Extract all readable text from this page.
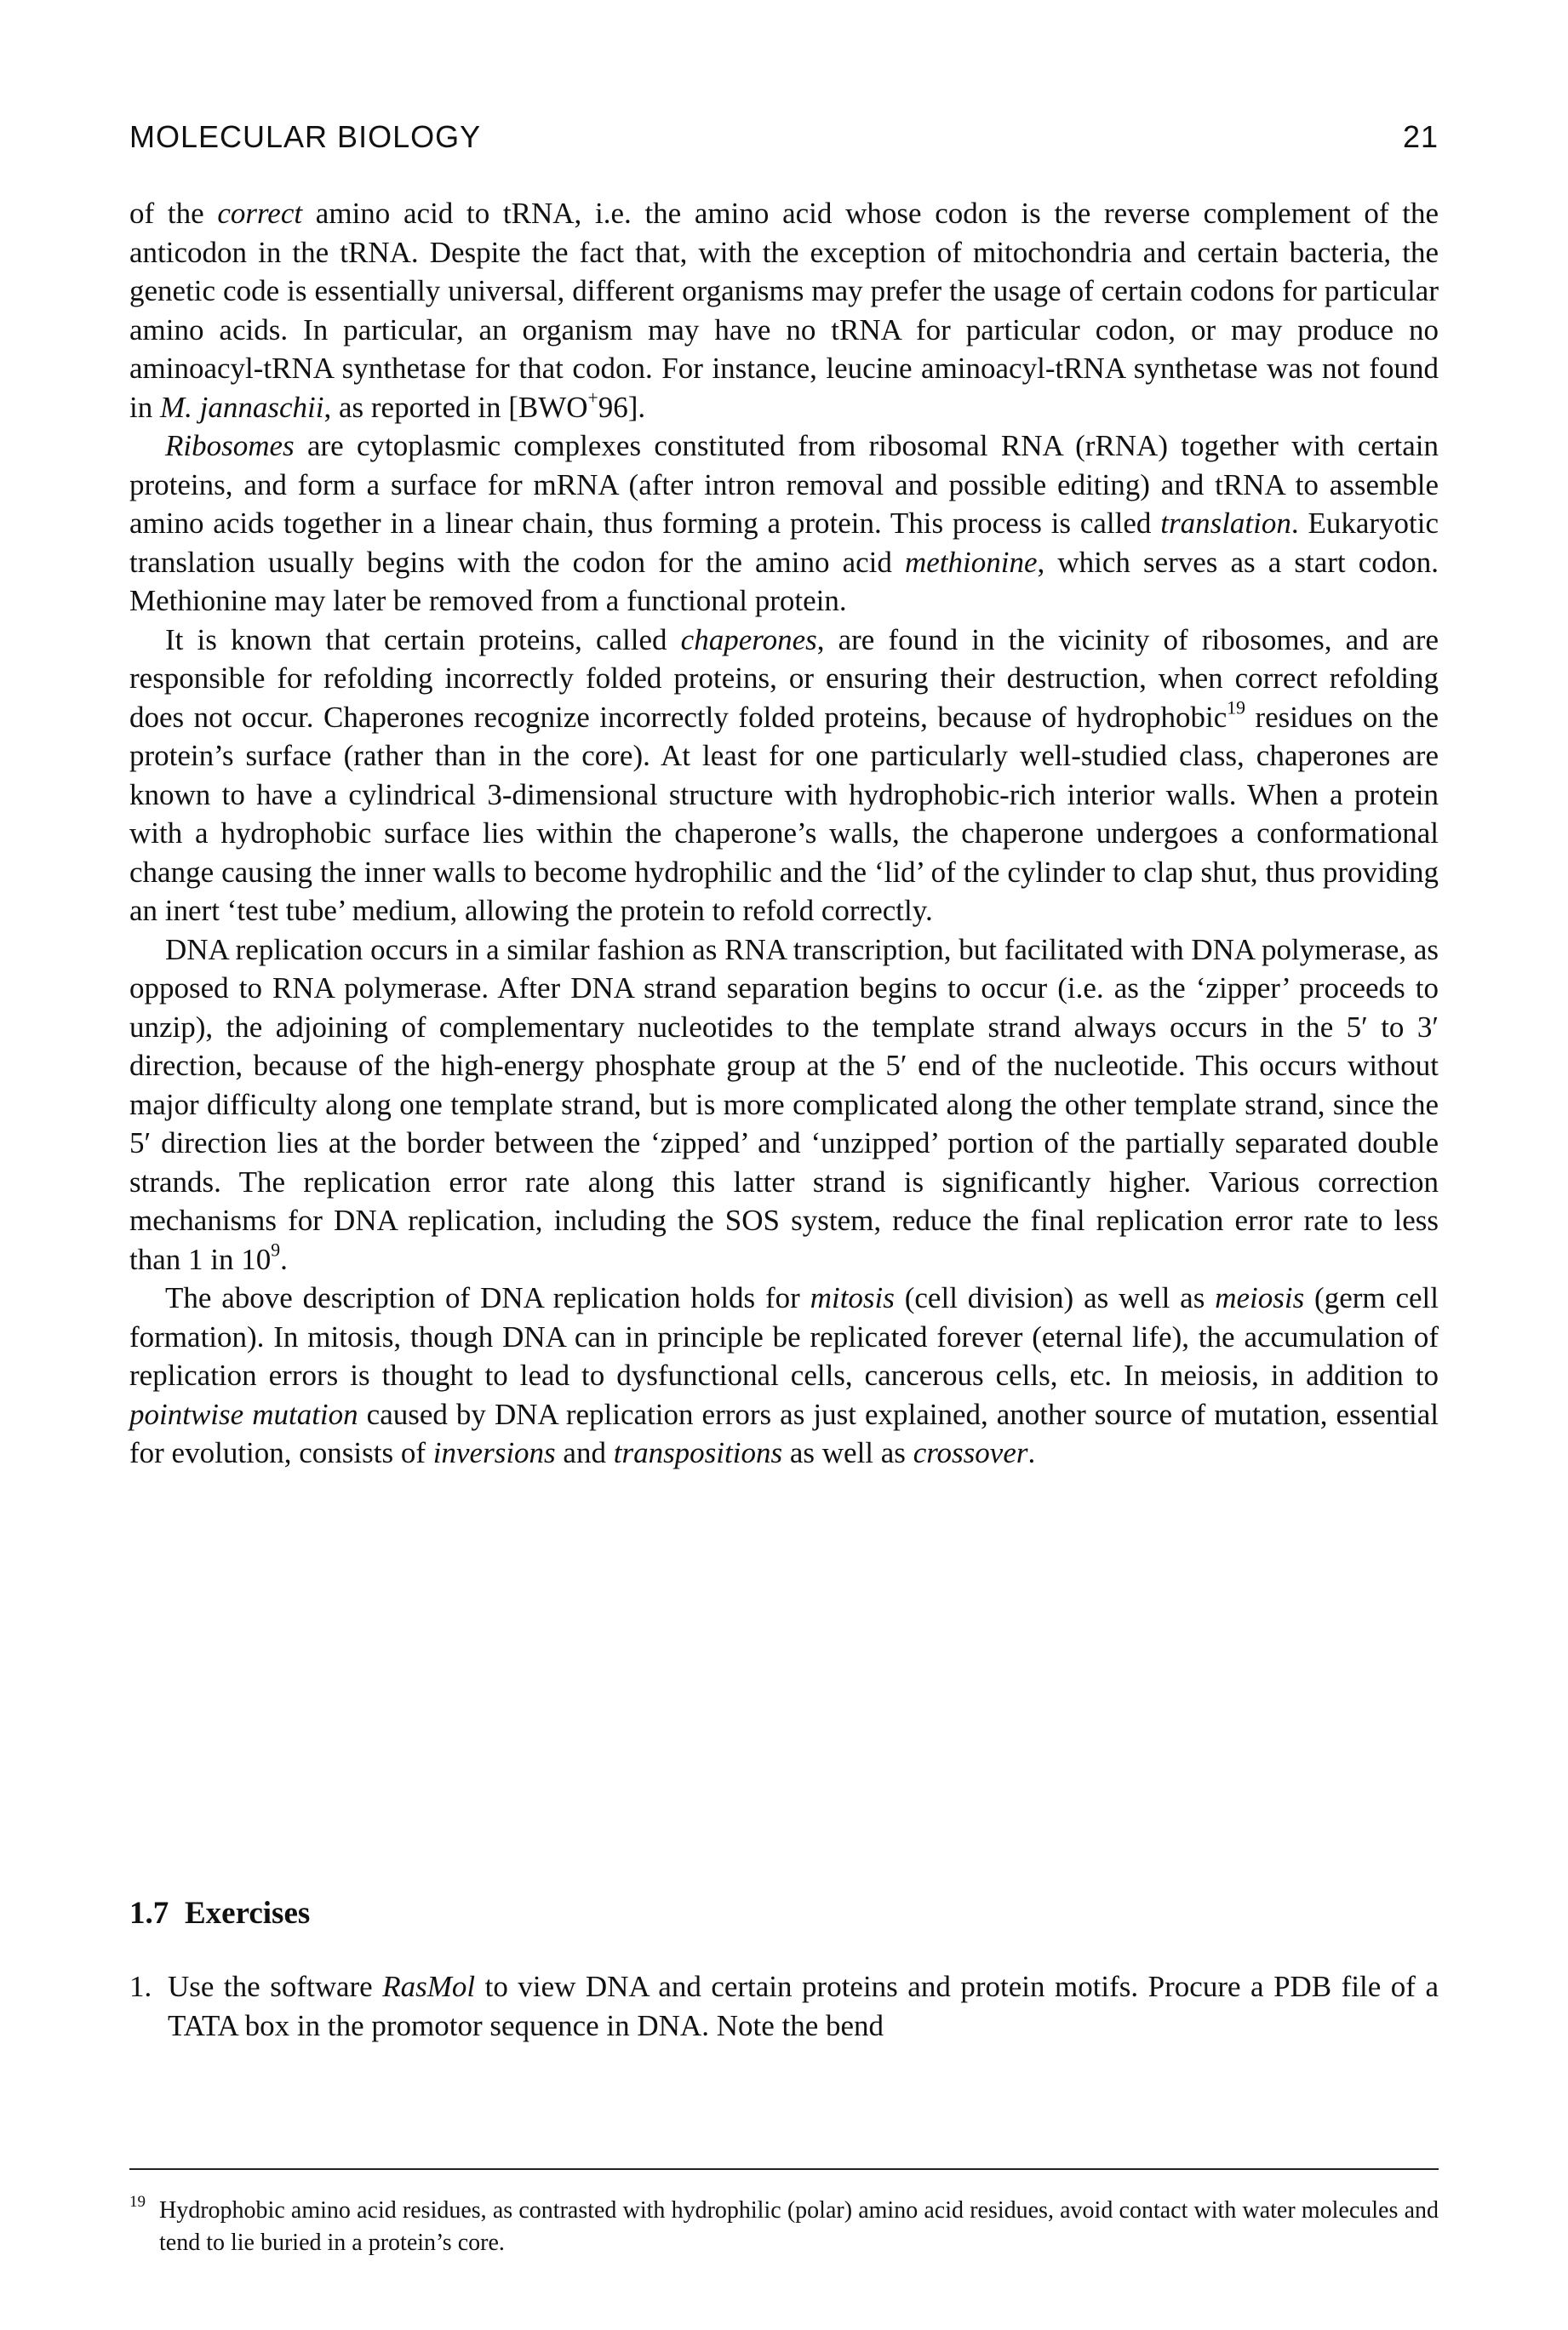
MOLECULAR BIOLOGY	21

of the correct amino acid to tRNA, i.e. the amino acid whose codon is the reverse complement of the anticodon in the tRNA. Despite the fact that, with the exception of mitochondria and certain bacteria, the genetic code is essentially universal, different organisms may prefer the usage of certain codons for particular amino acids. In particular, an organism may have no tRNA for particular codon, or may produce no aminoacyl-tRNA synthetase for that codon. For instance, leucine aminoacyl-tRNA synthetase was not found in M. jannaschii, as reported in [BWO+96].

Ribosomes are cytoplasmic complexes constituted from ribosomal RNA (rRNA) together with certain proteins, and form a surface for mRNA (after intron removal and possible editing) and tRNA to assemble amino acids together in a linear chain, thus forming a protein. This process is called translation. Eukaryotic translation usually begins with the codon for the amino acid methionine, which serves as a start codon. Methionine may later be removed from a functional protein.

It is known that certain proteins, called chaperones, are found in the vicinity of ribosomes, and are responsible for refolding incorrectly folded proteins, or ensuring their destruction, when correct refolding does not occur. Chaperones recognize incorrectly folded proteins, because of hydrophobic$^{19}$ residues on the protein’s surface (rather than in the core). At least for one particularly well-studied class, chaperones are known to have a cylindrical 3-dimensional structure with hydrophobic-rich interior walls. When a protein with a hydrophobic surface lies within the chaperone’s walls, the chaperone undergoes a conformational change causing the inner walls to become hydrophilic and the ‘lid’ of the cylinder to clap shut, thus providing an inert ‘test tube’ medium, allowing the protein to refold correctly.

DNA replication occurs in a similar fashion as RNA transcription, but facilitated with DNA polymerase, as opposed to RNA polymerase. After DNA strand separation begins to occur (i.e. as the ‘zipper’ proceeds to unzip), the adjoining of complementary nucleotides to the template strand always occurs in the 5′ to 3′ direction, because of the high-energy phosphate group at the 5′ end of the nucleotide. This occurs without major difficulty along one template strand, but is more complicated along the other template strand, since the 5′ direction lies at the border between the ‘zipped’ and ‘unzipped’ portion of the partially separated double strands. The replication error rate along this latter strand is significantly higher. Various correction mechanisms for DNA replication, including the SOS system, reduce the final replication error rate to less than 1 in $10^9$.

The above description of DNA replication holds for mitosis (cell division) as well as meiosis (germ cell formation). In mitosis, though DNA can in principle be replicated forever (eternal life), the accumulation of replication errors is thought to lead to dysfunctional cells, cancerous cells, etc. In meiosis, in addition to pointwise mutation caused by DNA replication errors as just explained, another source of mutation, essential for evolution, consists of inversions and transpositions as well as crossover.

1.7 Exercises
1. Use the software RasMol to view DNA and certain proteins and protein motifs. Procure a PDB file of a TATA box in the promotor sequence in DNA. Note the bend
19 Hydrophobic amino acid residues, as contrasted with hydrophilic (polar) amino acid residues, avoid contact with water molecules and tend to lie buried in a protein’s core.
